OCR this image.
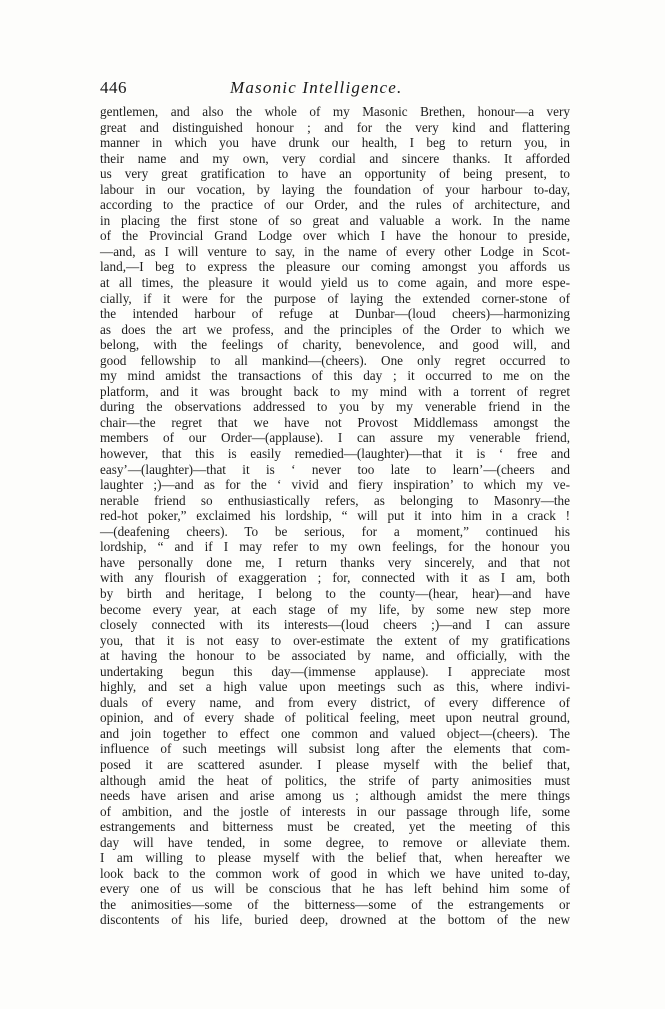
446	Masonic Intelligence.
gentlemen, and also the whole of my Masonic Brethen, honour—a very
great and distinguished honour ; and for the very kind and flattering
manner in which you have drunk our health, I beg to return you, in
their name and my own, very cordial and sincere thanks. It afforded
us very great gratification to have an opportunity of being present, to
labour in our vocation, by laying the foundation of your harbour to-day,
according to the practice of our Order, and the rules of architecture, and
in placing the first stone of so great and valuable a work. In the name
of the Provincial Grand Lodge over which I have the honour to preside,
—and, as I will venture to say, in the name of every other Lodge in Scot-
land,—I beg to express the pleasure our coming amongst you affords us
at all times, the pleasure it would yield us to come again, and more espe-
cially, if it were for the purpose of laying the extended corner-stone of
the intended harbour of refuge at Dunbar—(loud cheers)—harmonizing
as does the art we profess, and the principles of the Order to which we
belong, with the feelings of charity, benevolence, and good will, and
good fellowship to all mankind—(cheers). One only regret occurred to
my mind amidst the transactions of this day ; it occurred to me on the
platform, and it was brought back to my mind with a torrent of regret
during the observations addressed to you by my venerable friend in the
chair—the regret that we have not Provost Middlemass amongst the
members of our Order—(applause). I can assure my venerable friend,
however, that this is easily remedied—(laughter)—that it is ‘ free and
easy’—(laughter)—that it is ‘ never too late to learn’—(cheers and
laughter ;)—and as for the ‘ vivid and fiery inspiration’ to which my ve-
nerable friend so enthusiastically refers, as belonging to Masonry—the
red-hot poker,” exclaimed his lordship, “ will put it into him in a crack !
—(deafening cheers). To be serious, for a moment,” continued his
lordship, “ and if I may refer to my own feelings, for the honour you
have personally done me, I return thanks very sincerely, and that not
with any flourish of exaggeration ; for, connected with it as I am, both
by birth and heritage, I belong to the county—(hear, hear)—and have
become every year, at each stage of my life, by some new step more
closely connected with its interests—(loud cheers ;)—and I can assure
you, that it is not easy to over-estimate the extent of my gratifications
at having the honour to be associated by name, and officially, with the
undertaking begun this day—(immense applause). I appreciate most
highly, and set a high value upon meetings such as this, where indivi-
duals of every name, and from every district, of every difference of
opinion, and of every shade of political feeling, meet upon neutral ground,
and join together to effect one common and valued object—(cheers). The
influence of such meetings will subsist long after the elements that com-
posed it are scattered asunder. I please myself with the belief that,
although amid the heat of politics, the strife of party animosities must
needs have arisen and arise among us ; although amidst the mere things
of ambition, and the jostle of interests in our passage through life, some
estrangements and bitterness must be created, yet the meeting of this
day will have tended, in some degree, to remove or alleviate them.
I am willing to please myself with the belief that, when hereafter we
look back to the common work of good in which we have united to-day,
every one of us will be conscious that he has left behind him some of
the animosities—some of the bitterness—some of the estrangements or
discontents of his life, buried deep, drowned at the bottom of the new
